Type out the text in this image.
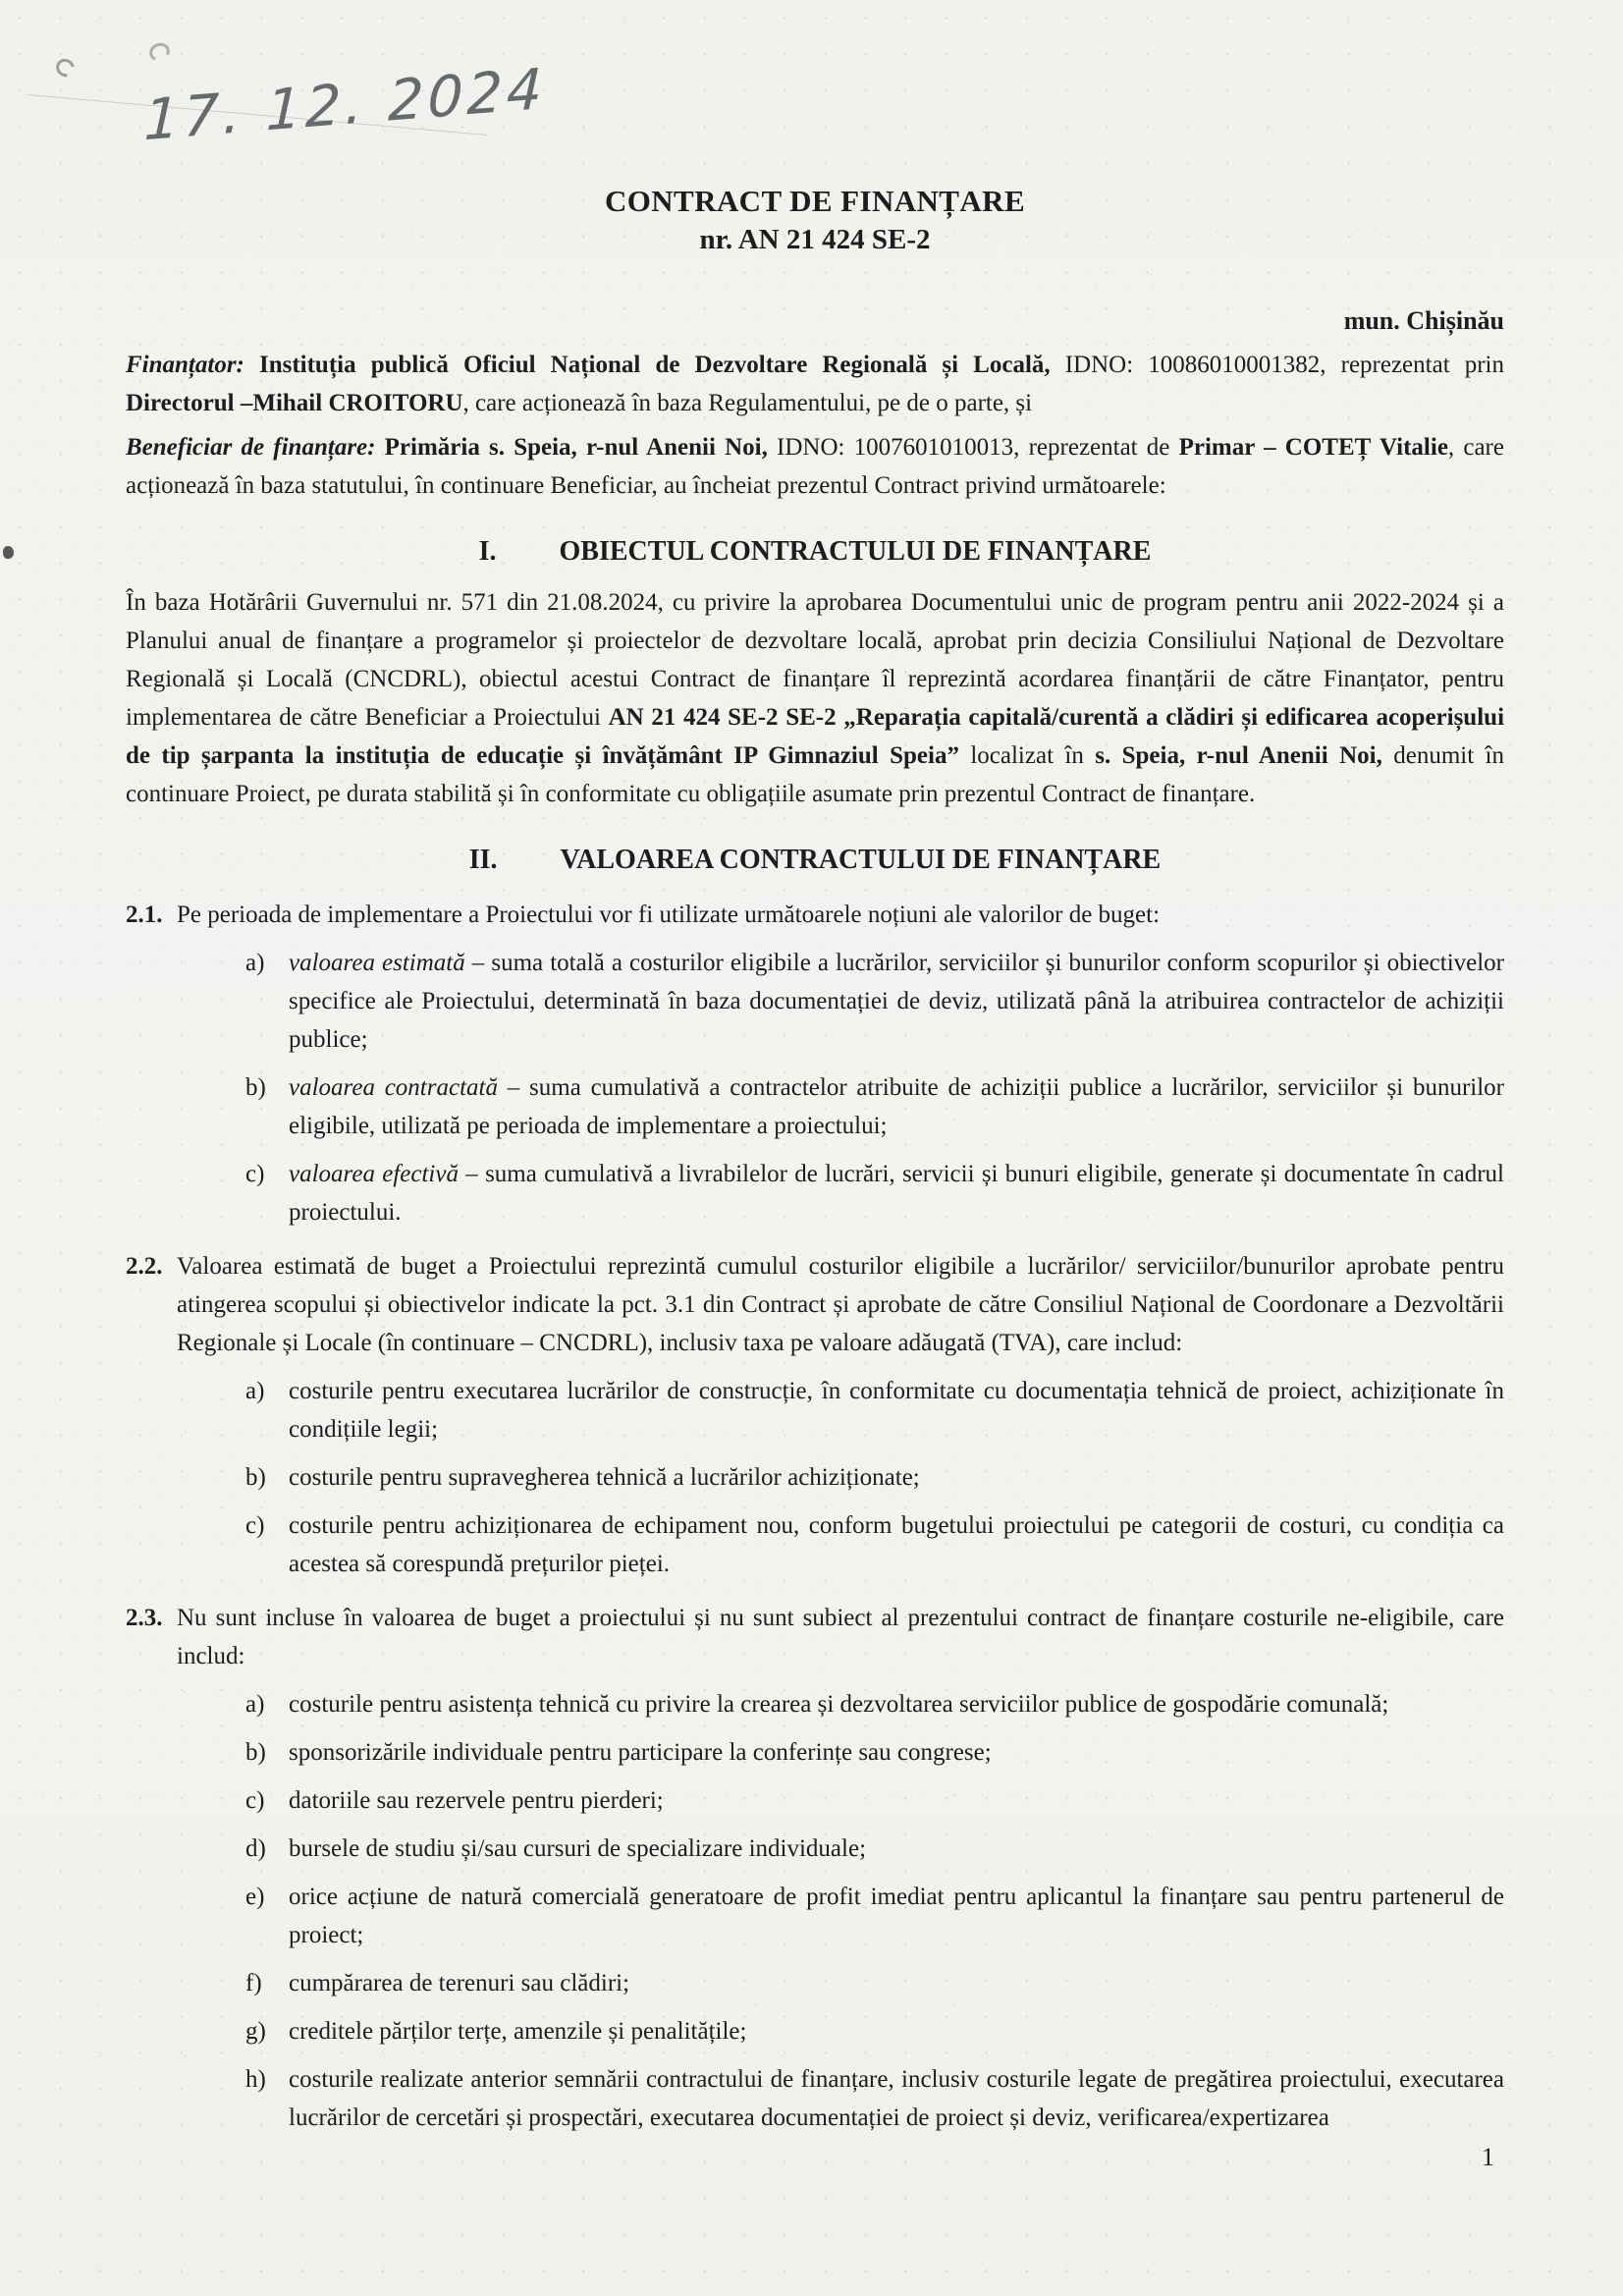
17. 12. 2024
CONTRACT DE FINANȚARE
nr. AN 21 424 SE-2
mun. Chișinău

Finanțator: Instituția publică Oficiul Național de Dezvoltare Regională și Locală, IDNO: 10086010001382, reprezentat prin Directorul –Mihail CROITORU, care acționează în baza Regulamentului, pe de o parte, și

Beneficiar de finanțare: Primăria s. Speia, r-nul Anenii Noi, IDNO: 1007601010013, reprezentat de Primar – COTEȚ Vitalie, care acționează în baza statutului, în continuare Beneficiar, au încheiat prezentul Contract privind următoarele:

I. OBIECTUL CONTRACTULUI DE FINANȚARE

În baza Hotărârii Guvernului nr. 571 din 21.08.2024, cu privire la aprobarea Documentului unic de program pentru anii 2022-2024 și a Planului anual de finanțare a programelor și proiectelor de dezvoltare locală, aprobat prin decizia Consiliului Național de Dezvoltare Regională și Locală (CNCDRL), obiectul acestui Contract de finanțare îl reprezintă acordarea finanțării de către Finanțator, pentru implementarea de către Beneficiar a Proiectului AN 21 424 SE-2 SE-2 „Reparația capitală/curentă a clădiri și edificarea acoperișului de tip șarpanta la instituția de educație și învățământ IP Gimnaziul Speia” localizat în s. Speia, r-nul Anenii Noi, denumit în continuare Proiect, pe durata stabilită și în conformitate cu obligațiile asumate prin prezentul Contract de finanțare.

II. VALOAREA CONTRACTULUI DE FINANȚARE

2.1. Pe perioada de implementare a Proiectului vor fi utilizate următoarele noțiuni ale valorilor de buget:

a) valoarea estimată – suma totală a costurilor eligibile a lucrărilor, serviciilor și bunurilor conform scopurilor și obiectivelor specifice ale Proiectului, determinată în baza documentației de deviz, utilizată până la atribuirea contractelor de achiziții publice;

b) valoarea contractată – suma cumulativă a contractelor atribuite de achiziții publice a lucrărilor, serviciilor și bunurilor eligibile, utilizată pe perioada de implementare a proiectului;

c) valoarea efectivă – suma cumulativă a livrabilelor de lucrări, servicii și bunuri eligibile, generate și documentate în cadrul proiectului.

2.2. Valoarea estimată de buget a Proiectului reprezintă cumulul costurilor eligibile a lucrărilor/ serviciilor/bunurilor aprobate pentru atingerea scopului și obiectivelor indicate la pct. 3.1 din Contract și aprobate de către Consiliul Național de Coordonare a Dezvoltării Regionale și Locale (în continuare – CNCDRL), inclusiv taxa pe valoare adăugată (TVA), care includ:

a) costurile pentru executarea lucrărilor de construcție, în conformitate cu documentația tehnică de proiect, achiziționate în condițiile legii;

b) costurile pentru supravegherea tehnică a lucrărilor achiziționate;

c) costurile pentru achiziționarea de echipament nou, conform bugetului proiectului pe categorii de costuri, cu condiția ca acestea să corespundă prețurilor pieței.

2.3. Nu sunt incluse în valoarea de buget a proiectului și nu sunt subiect al prezentului contract de finanțare costurile ne-eligibile, care includ:

a) costurile pentru asistența tehnică cu privire la crearea și dezvoltarea serviciilor publice de gospodărie comunală;

b) sponsorizările individuale pentru participare la conferințe sau congrese;

c) datoriile sau rezervele pentru pierderi;

d) bursele de studiu și/sau cursuri de specializare individuale;

e) orice acțiune de natură comercială generatoare de profit imediat pentru aplicantul la finanțare sau pentru partenerul de proiect;

f) cumpărarea de terenuri sau clădiri;

g) creditele părților terțe, amenzile și penalitățile;

h) costurile realizate anterior semnării contractului de finanțare, inclusiv costurile legate de pregătirea proiectului, executarea lucrărilor de cercetări și prospectări, executarea documentației de proiect și deviz, verificarea/expertizarea

1
